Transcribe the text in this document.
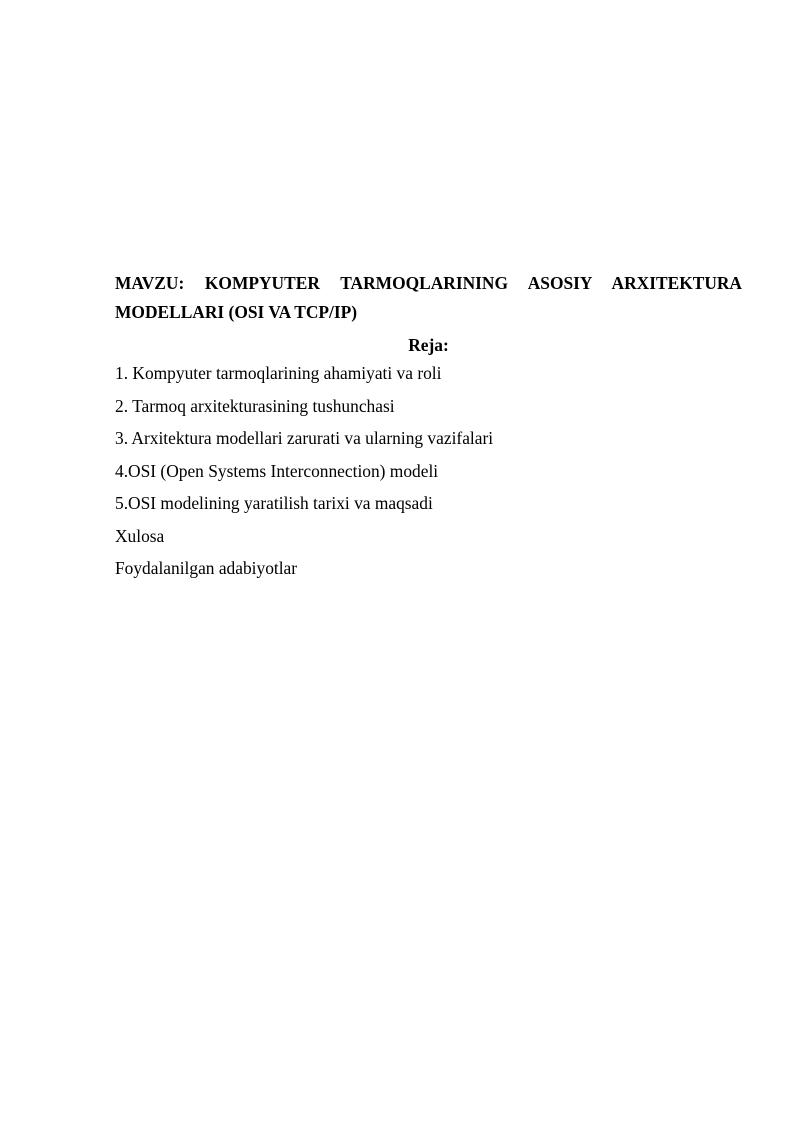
MAVZU: KOMPYUTER TARMOQLARINING ASOSIY ARXITEKTURA
MODELLARI (OSI VA TCP/IP)
Reja:
1. Kompyuter tarmoqlarining ahamiyati va roli
2. Tarmoq arxitekturasining tushunchasi
3. Arxitektura modellari zarurati va ularning vazifalari
4.OSI (Open Systems Interconnection) modeli
5.OSI modelining yaratilish tarixi va maqsadi
Xulosa
Foydalanilgan adabiyotlar
